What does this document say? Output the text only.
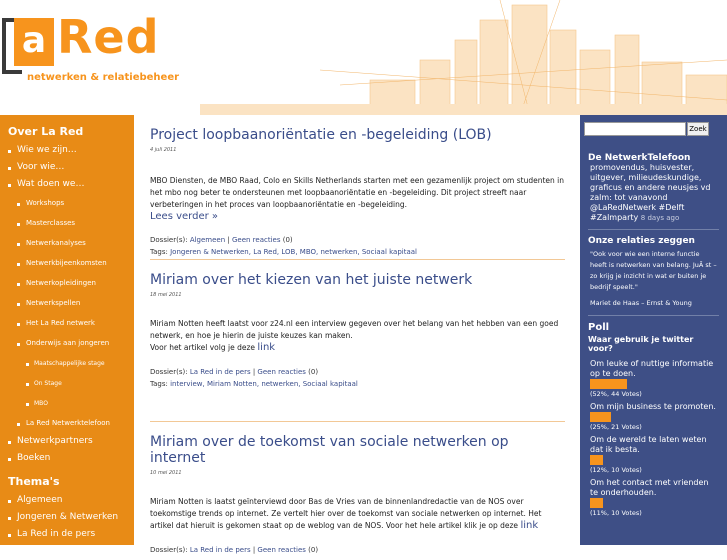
a Red
netwerken & relatiebeheer
Over La Red
Wie we zijn…
Voor wie…
Wat doen we…
Workshops
Masterclasses
Netwerkanalyses
Netwerkbijeenkomsten
Netwerkopleidingen
Netwerkspellen
Het La Red netwerk
Onderwijs aan jongeren
Maatschappelijke stage
On Stage
MBO
La Red Netwerktelefoon
Netwerkpartners
Boeken
Thema's
Algemeen
Jongeren & Netwerken
La Red in de pers
La Red in het land
Project loopbaanoriëntatie en -begeleiding (LOB)
4 juli 2011
MBO Diensten, de MBO Raad, Colo en Skills Netherlands starten met een gezamenlijk project om studenten in het mbo nog beter te ondersteunen met loopbaanoriëntatie en -begeleiding. Dit project streeft naar verbeteringen in het proces van loopbaanoriëntatie en -begeleiding.
Lees verder »
Dossier(s): Algemeen | Geen reacties (0)
Tags: Jongeren & Netwerken, La Red, LOB, MBO, netwerken, Sociaal kapitaal
Miriam over het kiezen van het juiste netwerk
18 mei 2011
Miriam Notten heeft laatst voor z24.nl een interview gegeven over het belang van het hebben van een goed netwerk, en hoe je hierin de juiste keuzes kan maken.
Voor het artikel volg je deze link
Dossier(s): La Red in de pers | Geen reacties (0)
Tags: interview, Miriam Notten, netwerken, Sociaal kapitaal
Miriam over de toekomst van sociale netwerken op internet
10 mei 2011
Miriam Notten is laatst geïnterviewd door Bas de Vries van de binnenlandredactie van de NOS over toekomstige trends op internet. Ze vertelt hier over de toekomst van sociale netwerken op internet. Het artikel dat hieruit is gekomen staat op de weblog van de NOS. Voor het hele artikel klik je op deze link
Dossier(s): La Red in de pers | Geen reacties (0)
Zoek
De NetwerkTelefoon
promovendus, huisvester, uitgever, milieudeskundige, graficus en andere neusjes vd zalm: tot vanavond @LaRedNetwerk #Delft #Zalmparty 8 days ago
Onze relaties zeggen
"Ook voor wie een interne functie heeft is netwerken van belang. JuÃ st – zo krijg je inzicht in wat er buiten je bedrijf speelt."
Mariet de Haas – Ernst & Young
Poll
Waar gebruik je twitter voor?
Om leuke of nuttige informatie op te doen.
(52%, 44 Votes)
Om mijn business te promoten.
(25%, 21 Votes)
Om de wereld te laten weten dat ik besta.
(12%, 10 Votes)
Om het contact met vrienden te onderhouden.
(11%, 10 Votes)
